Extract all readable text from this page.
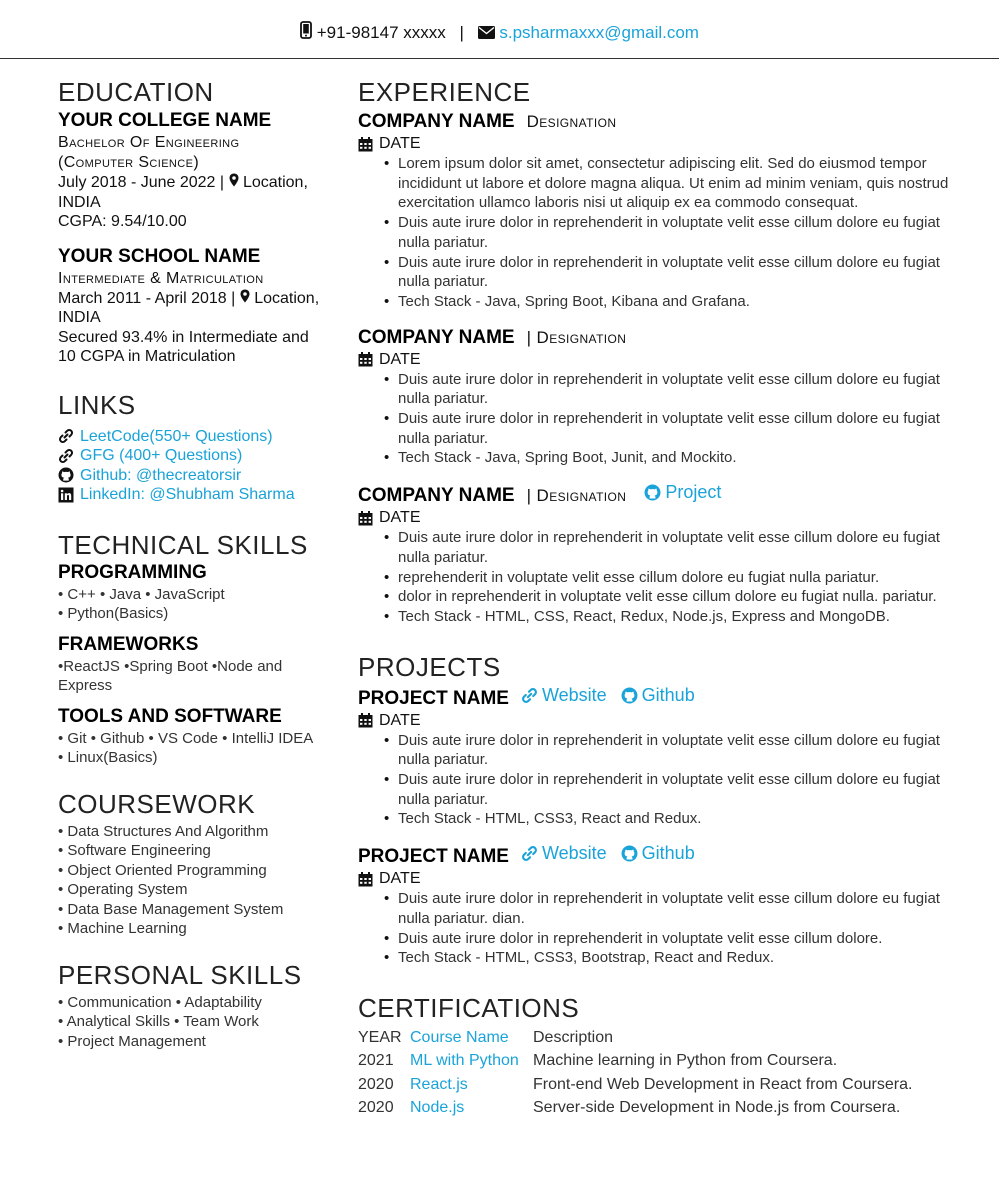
+91-98147 xxxxx | s.psharmaxxx@gmail.com
EDUCATION
YOUR COLLEGE NAME
Bachelor Of Engineering
(Computer Science)
July 2018 - June 2022 | Location,
INDIA
CGPA: 9.54/10.00
YOUR SCHOOL NAME
Intermediate & Matriculation
March 2011 - April 2018 | Location,
INDIA
Secured 93.4% in Intermediate and
10 CGPA in Matriculation
LINKS
LeetCode(550+ Questions)
GFG (400+ Questions)
Github: @thecreatorsir
LinkedIn: @Shubham Sharma
TECHNICAL SKILLS
PROGRAMMING
• C++ • Java • JavaScript
• Python(Basics)
FRAMEWORKS
•ReactJS •Spring Boot •Node and
Express
TOOLS AND SOFTWARE
• Git • Github • VS Code • IntelliJ IDEA
• Linux(Basics)
COURSEWORK
• Data Structures And Algorithm
• Software Engineering
• Object Oriented Programming
• Operating System
• Data Base Management System
• Machine Learning
PERSONAL SKILLS
• Communication • Adaptability
• Analytical Skills • Team Work
• Project Management
EXPERIENCE
COMPANY NAME Designation
DATE
• Lorem ipsum dolor sit amet, consectetur adipiscing elit. Sed do eiusmod tempor incididunt ut labore et dolore magna aliqua. Ut enim ad minim veniam, quis nostrud exercitation ullamco laboris nisi ut aliquip ex ea commodo consequat.
• Duis aute irure dolor in reprehenderit in voluptate velit esse cillum dolore eu fugiat nulla pariatur.
• Duis aute irure dolor in reprehenderit in voluptate velit esse cillum dolore eu fugiat nulla pariatur.
• Tech Stack - Java, Spring Boot, Kibana and Grafana.
COMPANY NAME | Designation
DATE
• Duis aute irure dolor in reprehenderit in voluptate velit esse cillum dolore eu fugiat nulla pariatur.
• Duis aute irure dolor in reprehenderit in voluptate velit esse cillum dolore eu fugiat nulla pariatur.
• Tech Stack - Java, Spring Boot, Junit, and Mockito.
COMPANY NAME | Designation Project
DATE
• Duis aute irure dolor in reprehenderit in voluptate velit esse cillum dolore eu fugiat nulla pariatur.
• reprehenderit in voluptate velit esse cillum dolore eu fugiat nulla pariatur.
• dolor in reprehenderit in voluptate velit esse cillum dolore eu fugiat nulla. pariatur.
• Tech Stack - HTML, CSS, React, Redux, Node.js, Express and MongoDB.
PROJECTS
PROJECT NAME Website Github
DATE
• Duis aute irure dolor in reprehenderit in voluptate velit esse cillum dolore eu fugiat nulla pariatur.
• Duis aute irure dolor in reprehenderit in voluptate velit esse cillum dolore eu fugiat nulla pariatur.
• Tech Stack - HTML, CSS3, React and Redux.
PROJECT NAME Website Github
DATE
• Duis aute irure dolor in reprehenderit in voluptate velit esse cillum dolore eu fugiat nulla pariatur. dian.
• Duis aute irure dolor in reprehenderit in voluptate velit esse cillum dolore.
• Tech Stack - HTML, CSS3, Bootstrap, React and Redux.
CERTIFICATIONS
YEAR	Course Name	Description
2021	ML with Python	Machine learning in Python from Coursera.
2020	React.js	Front-end Web Development in React from Coursera.
2020	Node.js	Server-side Development in Node.js from Coursera.
